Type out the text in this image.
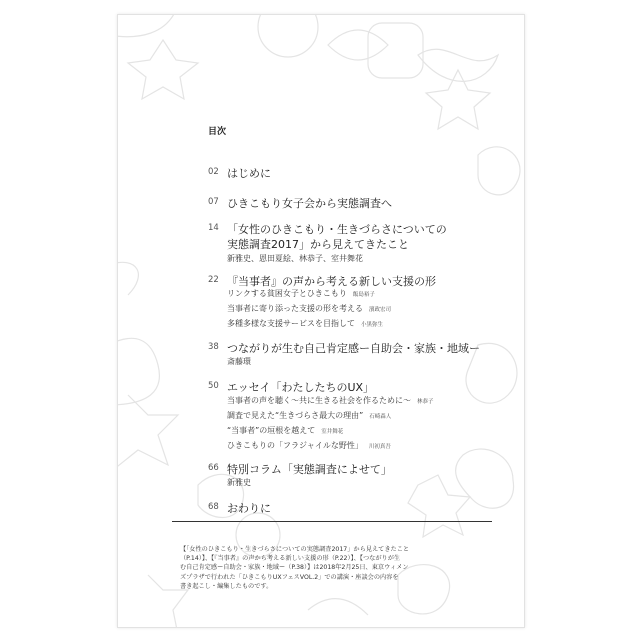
目次
02 はじめに
07 ひきこもり女子会から実態調査へ
14 「女性のひきこもり・生きづらさについての
実態調査2017」から見えてきたこと
新雅史、恩田夏絵、林恭子、室井舞花
22 『当事者』の声から考える新しい支援の形
リンクする貧困女子とひきこもり 飯島裕子
当事者に寄り添った支援の形を考える 濱政宏司
多種多様な支援サービスを目指して 小黒弥生
38 つながりが生む自己肯定感ー自助会・家族・地域ー
斎藤環
50 エッセイ「わたしたちのUX」
当事者の声を聴く〜共に生きる社会を作るために〜 林恭子
調査で見えた“生きづらさ最大の理由” 石崎森人
“当事者”の垣根を越えて 室井舞花
ひきこもりの「フラジャイルな野性」 川初真吾
66 特別コラム「実態調査によせて」
新雅史
68 おわりに
【「女性のひきこもり・生きづらさについての実態調査2017」から見えてきたこと
（P.14）】、【『当事者』の声から考える新しい支援の形（P.22）】、【つながりが生
む自己肯定感ー自助会・家族・地域ー（P.38）】は2018年2月25日、東京ウィメン
ズプラザで行われた「ひきこもりUXフェスVOL.2」での講演・座談会の内容を
書き起こし・編集したものです。
